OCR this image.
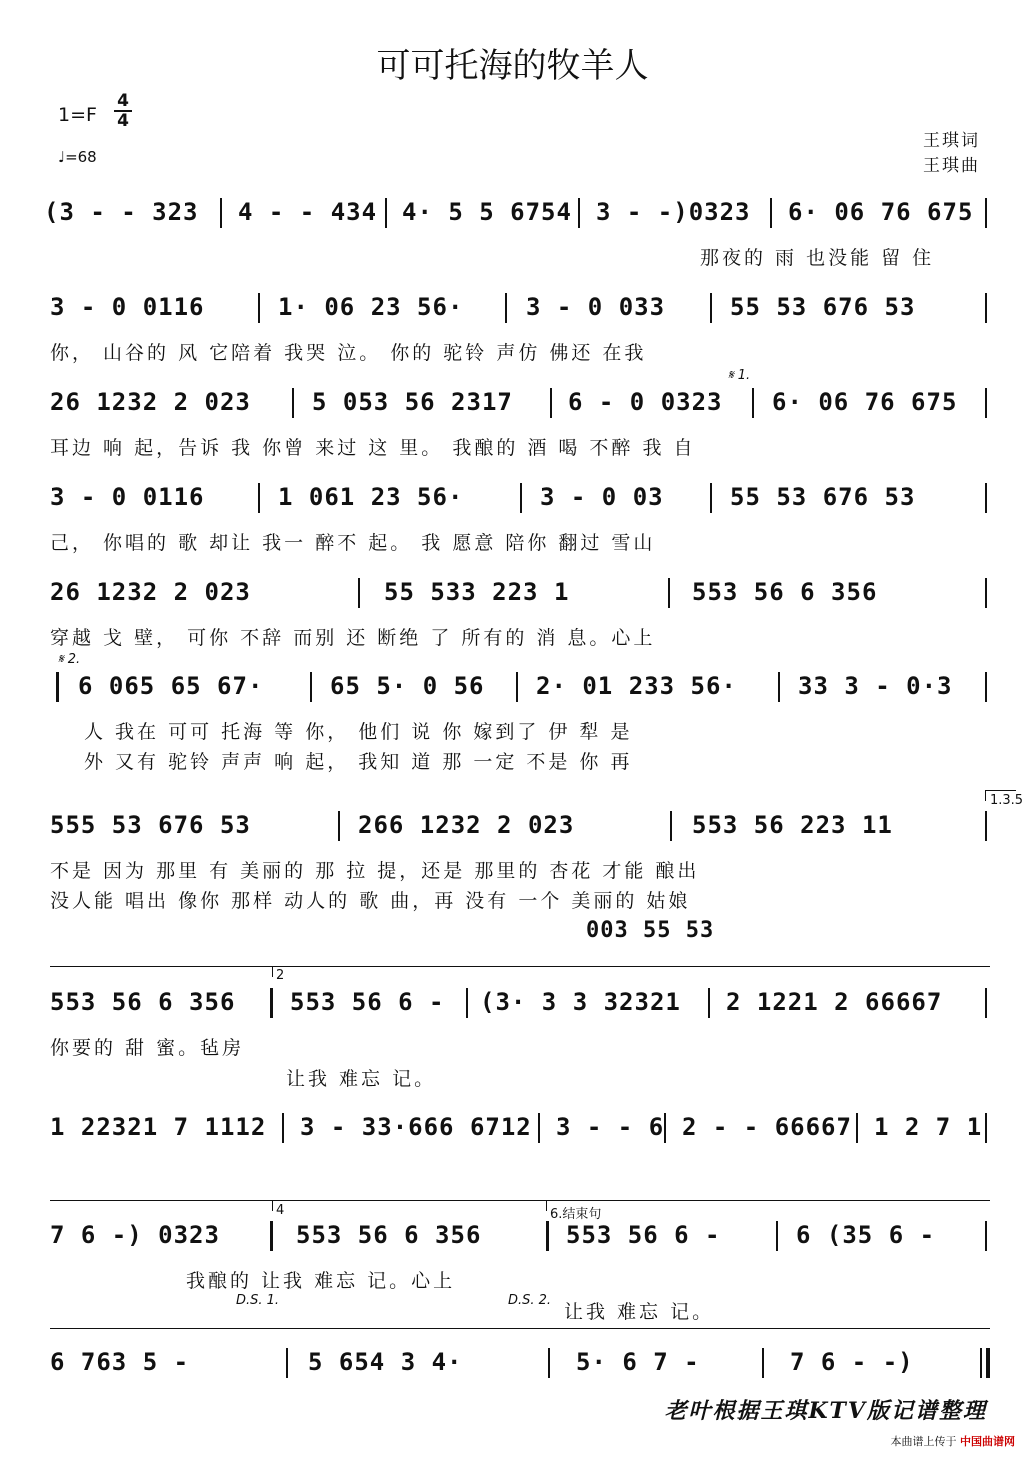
可可托海的牧羊人
1=F
4
4
♩=68
王琪词
王琪曲
(3 - - 323 4 - - 434 4· 5 5 6754 3 - -)0323 6· 06 76 675
那夜的 雨 也没能 留 住
3 - 0 0116	1· 06 23 56·	3 - 0 033	55 53 676 53
你， 山谷的 风 它陪着 我哭 泣。 你的 驼铃 声仿 佛还 在我
𝄋 1.
26 1232 2 023	5 053 56 2317 6 - 0 0323 6· 06 76 675
耳边 响 起，告诉 我 你曾 来过 这 里。 我酿的 酒 喝 不醉 我 自
3 - 0 0116	1 061 23 56·	3 - 0 03	55 53 676 53
己， 你唱的 歌 却让 我一 醉不 起。 我 愿意 陪你 翻过 雪山
26 1232 2 023	55 533 223 1	553 56 6 356
穿越 戈 壁， 可你 不辞 而别 还 断绝 了 所有的 消 息。心上
𝄋 2.
6 065 65 67·	65 5· 0 56 2· 01 233 56·	33 3 - 0·3
人 我在 可可 托海 等 你， 他们 说 你 嫁到了 伊 犁 是
外 又有 驼铃 声声 响 起， 我知 道 那 一定 不是 你 再
1.3.5
555 53 676 53	266 1232 2 023	553 56 223 11
不是 因为 那里 有 美丽的 那 拉 提，还是 那里的 杏花 才能 酿出
没人能 唱出 像你 那样 动人的 歌 曲，再 没有 一个 美丽的 姑娘
003 55 53
2
553 56 6 356 553 56 6 - (3· 3 3 32321 2 1221 2 66667
你要的 甜 蜜。毡房
让我 难忘 记。
1 22321 7 1112 3 - 33·666 6712 3 - - 6 2 - - 66667 1 2 7 1
4	6.结束句
7 6 -) 0323	553 56 6 356	553 56 6 -	6 (35 6 -
我酿的 让我 难忘 记。心上
D.S. 1.	D.S. 2.
让我 难忘 记。
6 763 5 -	5 654 3 4·	5· 6 7 -	7 6 - -)
老叶根据王琪KTV版记谱整理
本曲谱上传于 中国曲谱网
